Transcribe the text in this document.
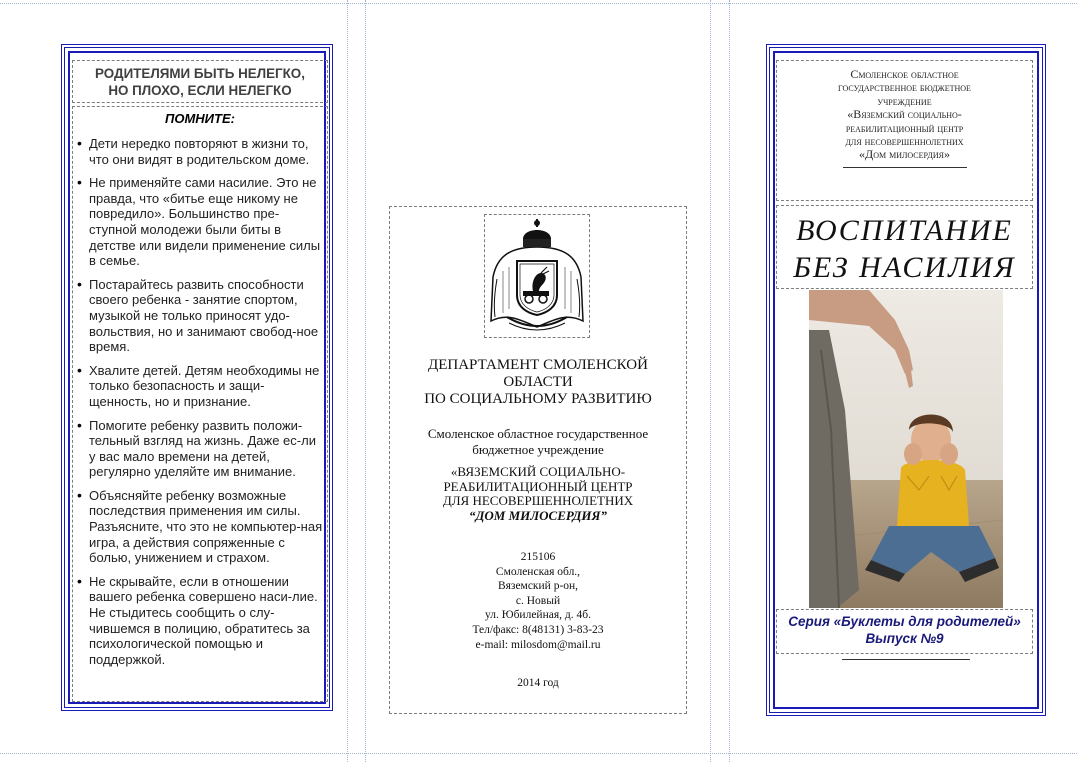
РОДИТЕЛЯМИ БЫТЬ НЕЛЕГКО,
НО ПЛОХО, ЕСЛИ НЕЛЕГКО
ПОМНИТЕ:
• Дети нередко повторяют в жизни то, что они видят в родительском доме.
• Не применяйте сами насилие. Это не правда, что «битье еще никому не повредило». Большинство пре-ступной молодежи были биты в детстве или видели применение силы в семье.
• Постарайтесь развить способности своего ребенка - занятие спортом, музыкой не только приносят удо-вольствия, но и занимают свобод-ное время.
• Хвалите детей. Детям необходимы не только безопасность и защи-щенность, но и признание.
• Помогите ребенку развить положи-тельный взгляд на жизнь. Даже ес-ли у вас мало времени на детей, регулярно уделяйте им внимание.
• Объясняйте ребенку возможные последствия применения им силы. Разъясните, что это не компьютер-ная игра, а действия сопряженные с болью, унижением и страхом.
• Не скрывайте, если в отношении вашего ребенка совершено наси-лие. Не стыдитесь сообщить о слу-чившемся в полицию, обратитесь за психологической помощью и поддержкой.
ДЕПАРТАМЕНТ СМОЛЕНСКОЙ
ОБЛАСТИ
ПО СОЦИАЛЬНОМУ РАЗВИТИЮ
Смоленское областное государственное
бюджетное учреждение
«ВЯЗЕМСКИЙ СОЦИАЛЬНО-
РЕАБИЛИТАЦИОННЫЙ ЦЕНТР
ДЛЯ НЕСОВЕРШЕННОЛЕТНИХ
“ДОМ МИЛОСЕРДИЯ”
215106
Смоленская обл.,
Вяземский р-он,
с. Новый
ул. Юбилейная, д. 4б.
Тел/факс: 8(48131) 3-83-23
e-mail: milosdom@mail.ru
2014 год
Смоленское областное
государственное бюджетное
учреждение
«Вяземский социально-
реабилитационный центр
для несовершеннолетних
«Дом милосердия»
ВОСПИТАНИЕ
БЕЗ НАСИЛИЯ
Серия «Буклеты для родителей»
Выпуск №9
